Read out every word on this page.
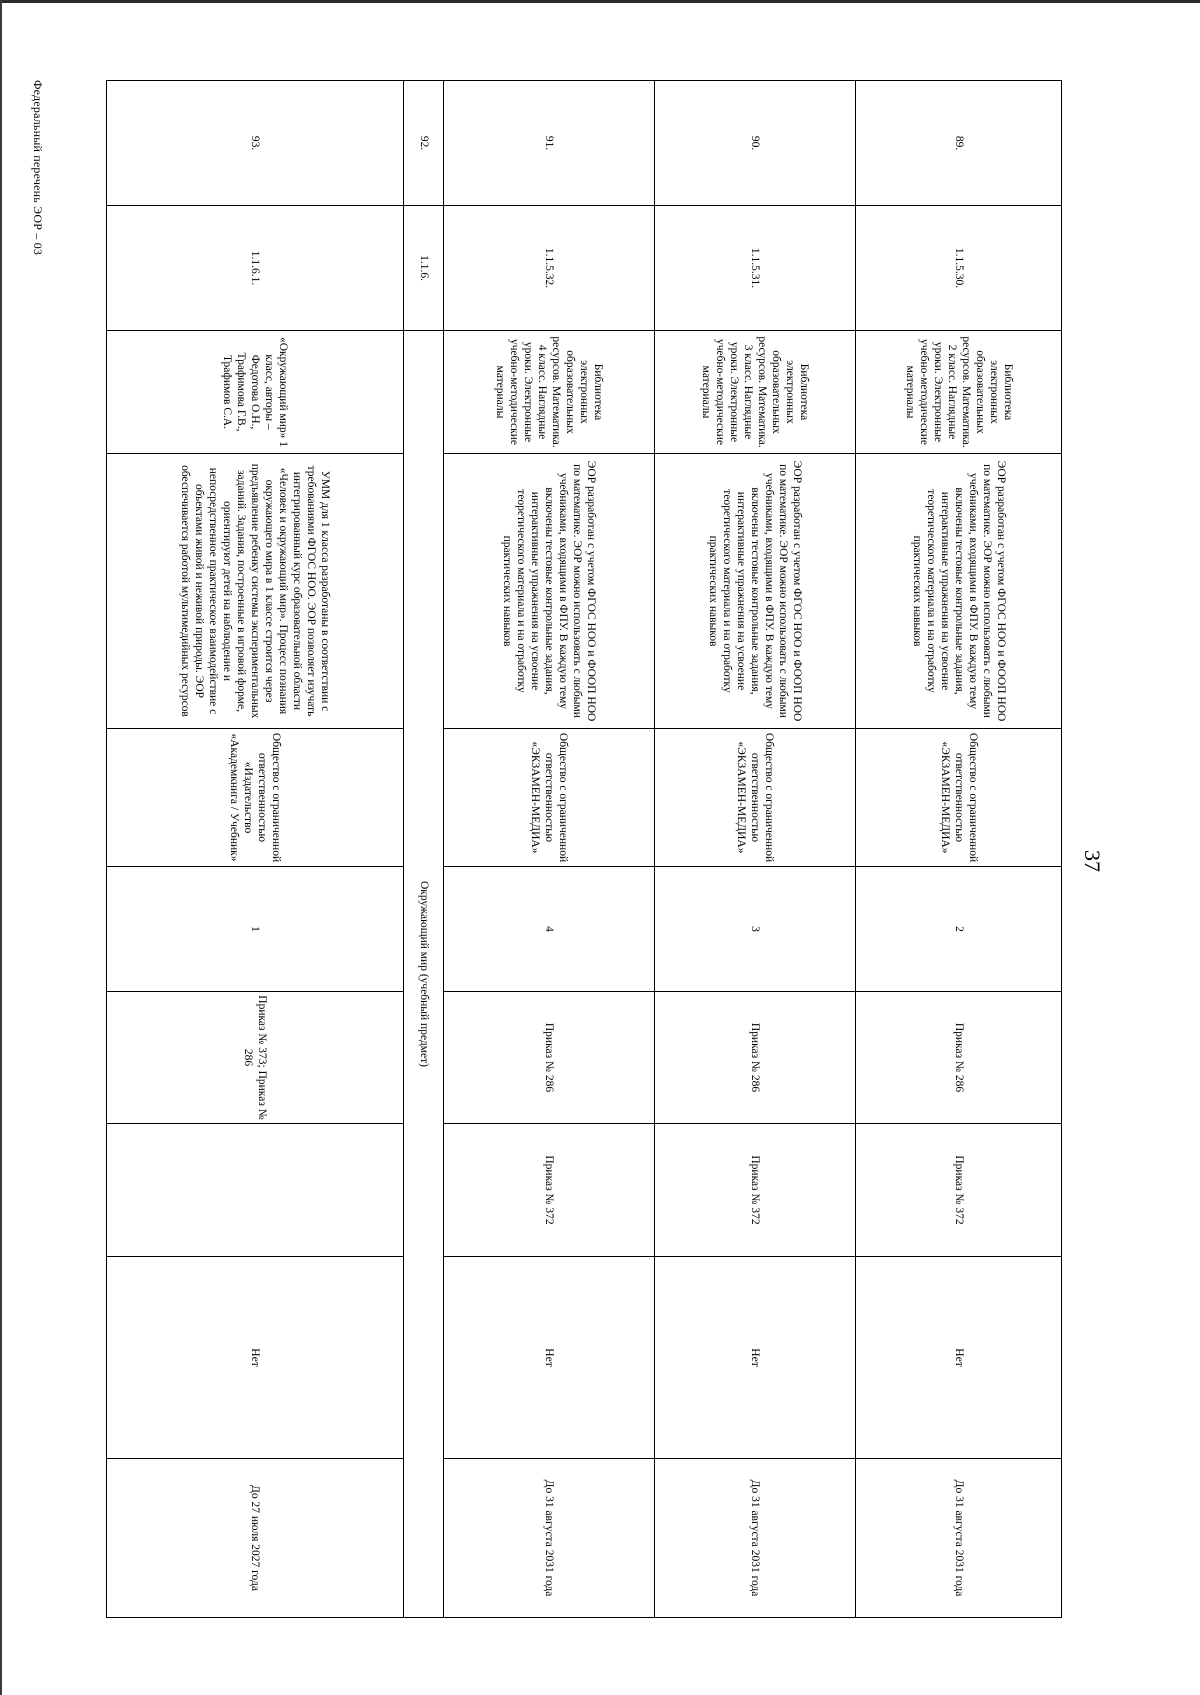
37
Федеральный перечень ЭОР – 03	89.	1.1.5.30.	Библиотека электронных образовательных ресурсов. Математика. 2 класс. Наглядные уроки. Электронные учебно-методические материалы	ЭОР разработан с учетом ФГОС НОО и ФООП НОО по математике. ЭОР можно использовать с любыми учебниками, входящими в ФПУ. В каждую тему включены тестовые контрольные задания, интерактивные упражнения на усвоение теоретического материала и на отработку практических навыков	Общество с ограниченной ответственностью «ЭКЗАМЕН-МЕДИА»	2	Приказ № 286	Приказ № 372	Нет	До 31 августа 2031 года
90.	1.1.5.31.	Библиотека электронных образовательных ресурсов. Математика. 3 класс. Наглядные уроки. Электронные учебно-методические материалы	ЭОР разработан с учетом ФГОС НОО и ФООП НОО по математике. ЭОР можно использовать с любыми учебниками, входящими в ФПУ. В каждую тему включены тестовые контрольные задания, интерактивные упражнения на усвоение теоретического материала и на отработку практических навыков	Общество с ограниченной ответственностью «ЭКЗАМЕН-МЕДИА»	3	Приказ № 286	Приказ № 372	Нет	До 31 августа 2031 года
91.	1.1.5.32.	Библиотека электронных образовательных ресурсов. Математика. 4 класс. Наглядные уроки. Электронные учебно-методические материалы	ЭОР разработан с учетом ФГОС НОО и ФООП НОО по математике. ЭОР можно использовать с любыми учебниками, входящими в ФПУ. В каждую тему включены тестовые контрольные задания, интерактивные упражнения на усвоение теоретического материала и на отработку практических навыков	Общество с ограниченной ответственностью «ЭКЗАМЕН-МЕДИА»	4	Приказ № 286	Приказ № 372	Нет	До 31 августа 2031 года
92.	1.1.6.	Окружающий мир (учебный предмет)							
93.	1.1.6.1.	«Окружающий мир» 1 класс, авторы – Федотова О.Н., Трафимова Г.В., Трафимов С.А.	УММ для 1 класса разработаны в соответствии с требованиями ФГОС НОО. ЭОР позволяет изучать интегрированный курс образовательной области «Человек и окружающий мир». Процесс познания окружающего мира в 1 классе строится через предъявление ребенку системы экспериментальных заданий. Задания, построенные в игровой форме, ориентируют детей на наблюдение и непосредственное практическое взаимодействие с объектами живой и неживой природы. ЭОР обеспечивается работой мультимедийных ресурсов	Общество с ограниченной ответственностью «Издательство «Академкнига / Учебник»	1	Приказ № 373; Приказ № 286		Нет	До 27 июля 2027 года
